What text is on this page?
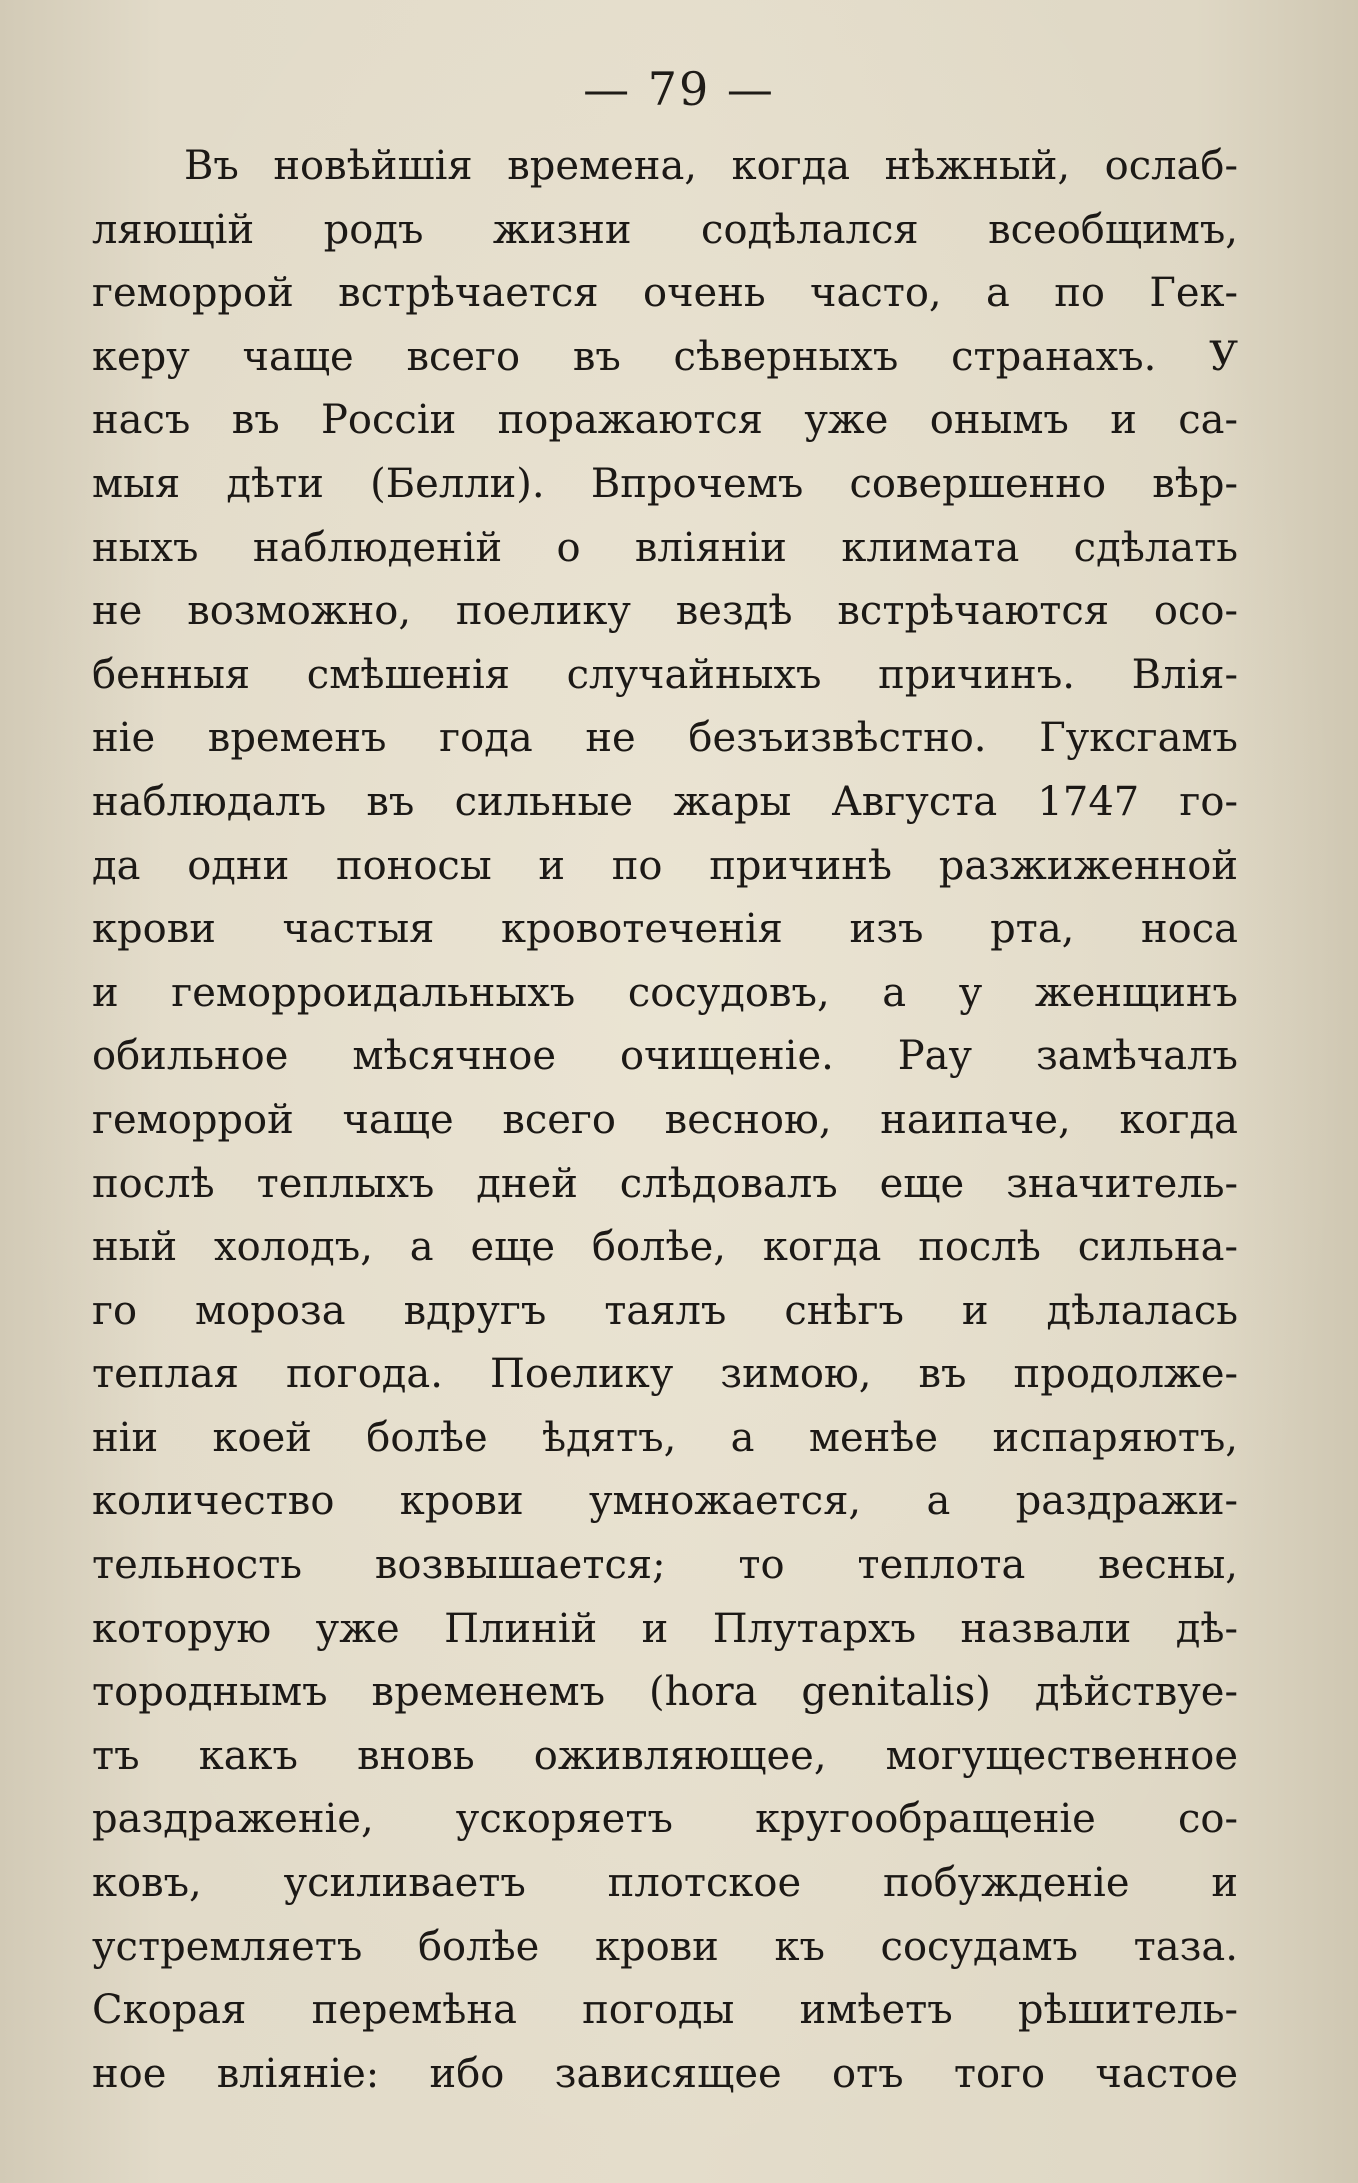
— 79 —
Въ новѣйшія времена, когда нѣжный, ослаб-
ляющій родъ жизни содѣлался всеобщимъ,
геморрой встрѣчается очень часто, а по Гек-
керу чаще всего въ сѣверныхъ странахъ. У
насъ въ Россіи поражаются уже онымъ и са-
мыя дѣти (Белли). Впрочемъ совершенно вѣр-
ныхъ наблюденій о вліяніи климата сдѣлать
не возможно, поелику вездѣ встрѣчаются осо-
бенныя смѣшенія случайныхъ причинъ. Влія-
ніе временъ года не безъизвѣстно. Гуксгамъ
наблюдалъ въ сильные жары Августа 1747 го-
да одни поносы и по причинѣ разжиженной
крови частыя кровотеченія изъ рта, носа
и геморроидальныхъ сосудовъ, а у женщинъ
обильное мѣсячное очищеніе. Рау замѣчалъ
геморрой чаще всего весною, наипаче, когда
послѣ теплыхъ дней слѣдовалъ еще значитель-
ный холодъ, а еще болѣе, когда послѣ сильна-
го мороза вдругъ таялъ снѣгъ и дѣлалась
теплая погода. Поелику зимою, въ продолже-
ніи коей болѣе ѣдятъ, а менѣе испаряютъ,
количество крови умножается, а раздражи-
тельность возвышается; то теплота весны,
которую уже Плиній и Плутархъ назвали дѣ-
тороднымъ временемъ (hora genitalis) дѣйствуе-
тъ какъ вновь оживляющее, могущественное
раздраженіе, ускоряетъ кругообращеніе со-
ковъ, усиливаетъ плотское побужденіе и
устремляетъ болѣе крови къ сосудамъ таза.
Скорая перемѣна погоды имѣетъ рѣшитель-
ное вліяніе: ибо зависящее отъ того частое
